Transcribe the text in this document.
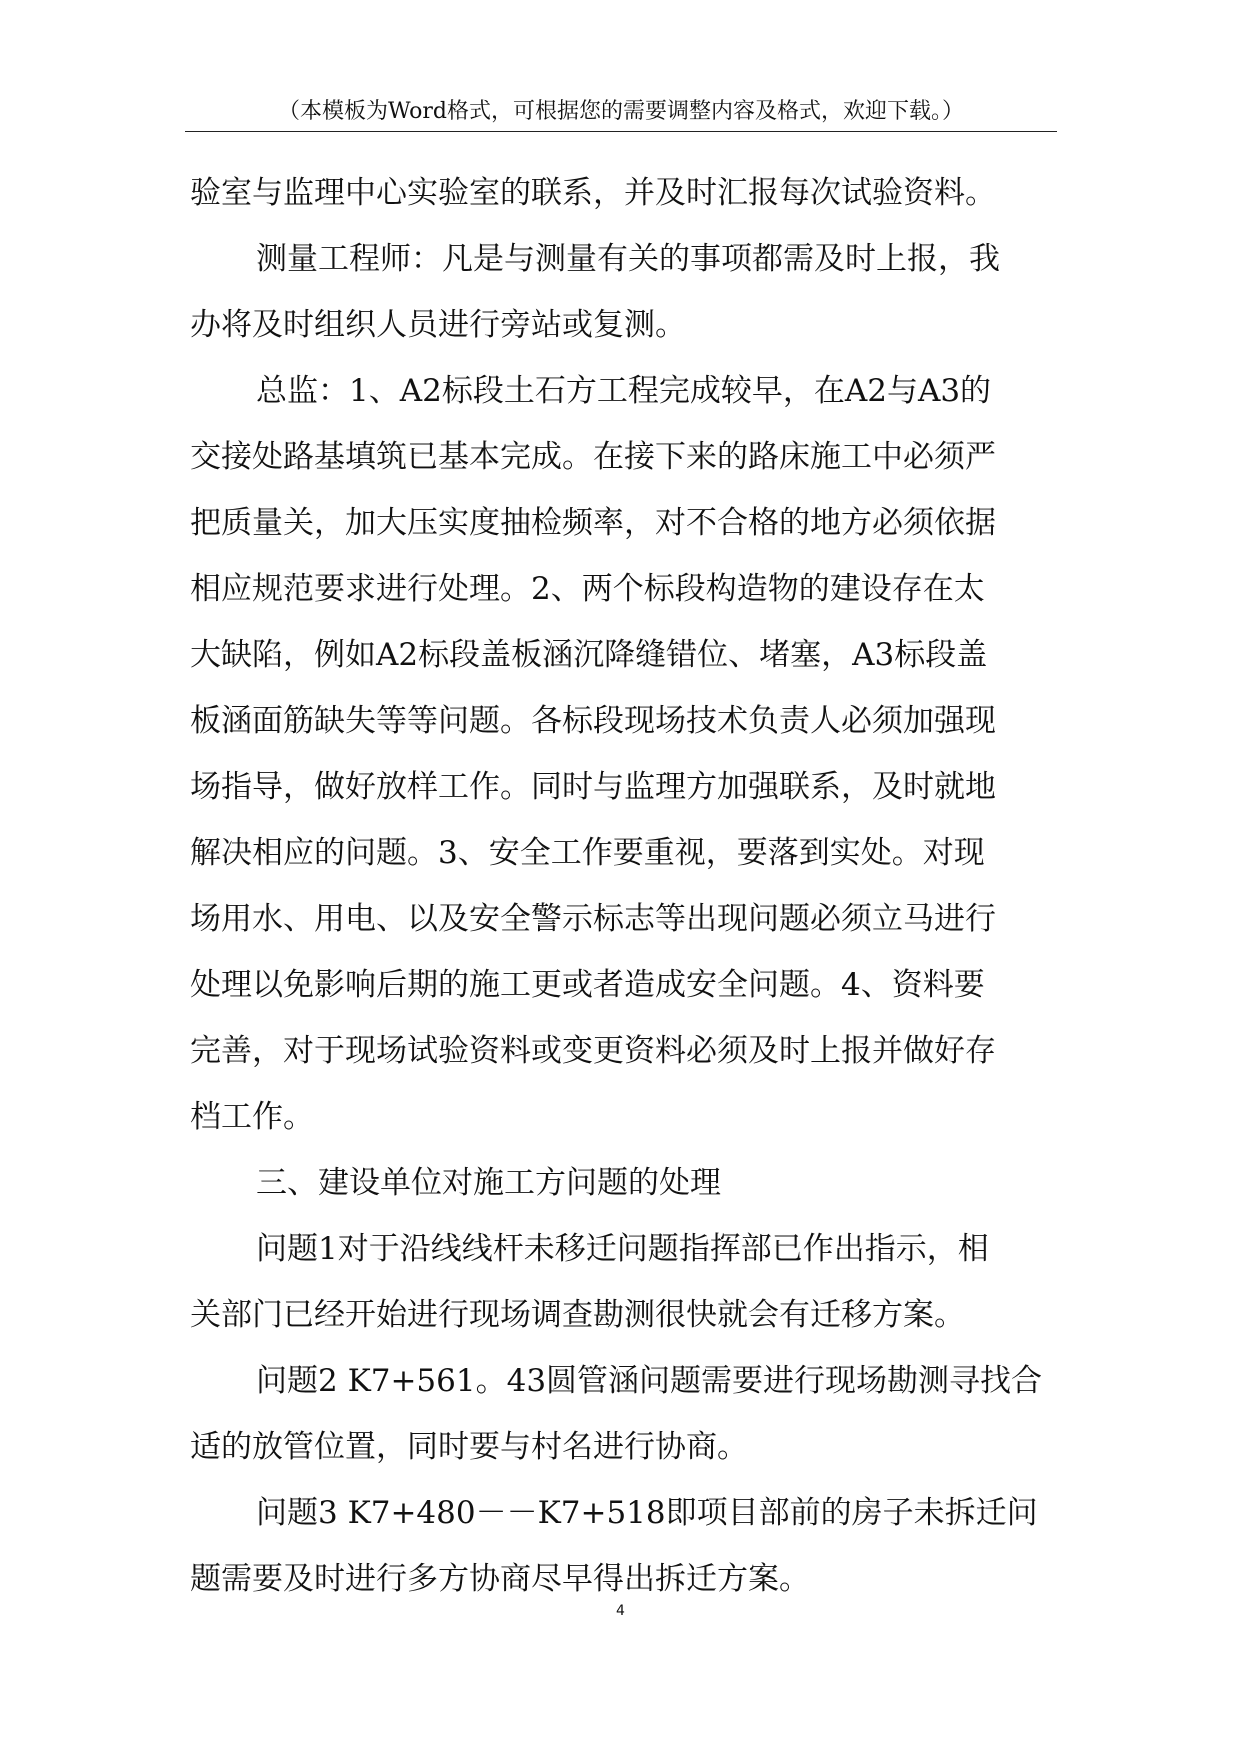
（本模板为Word格式，可根据您的需要调整内容及格式，欢迎下载。）
验室与监理中心实验室的联系，并及时汇报每次试验资料。
测量工程师：凡是与测量有关的事项都需及时上报，我
办将及时组织人员进行旁站或复测。
总监：1、A2标段土石方工程完成较早，在A2与A3的
交接处路基填筑已基本完成。在接下来的路床施工中必须严
把质量关，加大压实度抽检频率，对不合格的地方必须依据
相应规范要求进行处理。2、两个标段构造物的建设存在太
大缺陷，例如A2标段盖板涵沉降缝错位、堵塞，A3标段盖
板涵面筋缺失等等问题。各标段现场技术负责人必须加强现
场指导，做好放样工作。同时与监理方加强联系，及时就地
解决相应的问题。3、安全工作要重视，要落到实处。对现
场用水、用电、以及安全警示标志等出现问题必须立马进行
处理以免影响后期的施工更或者造成安全问题。4、资料要
完善，对于现场试验资料或变更资料必须及时上报并做好存
档工作。
三、建设单位对施工方问题的处理
问题1对于沿线线杆未移迁问题指挥部已作出指示，相
关部门已经开始进行现场调查勘测很快就会有迁移方案。
问题2 K7+561。43圆管涵问题需要进行现场勘测寻找合
适的放管位置，同时要与村名进行协商。
问题3 K7+480－－K7+518即项目部前的房子未拆迁问
题需要及时进行多方协商尽早得出拆迁方案。
4
